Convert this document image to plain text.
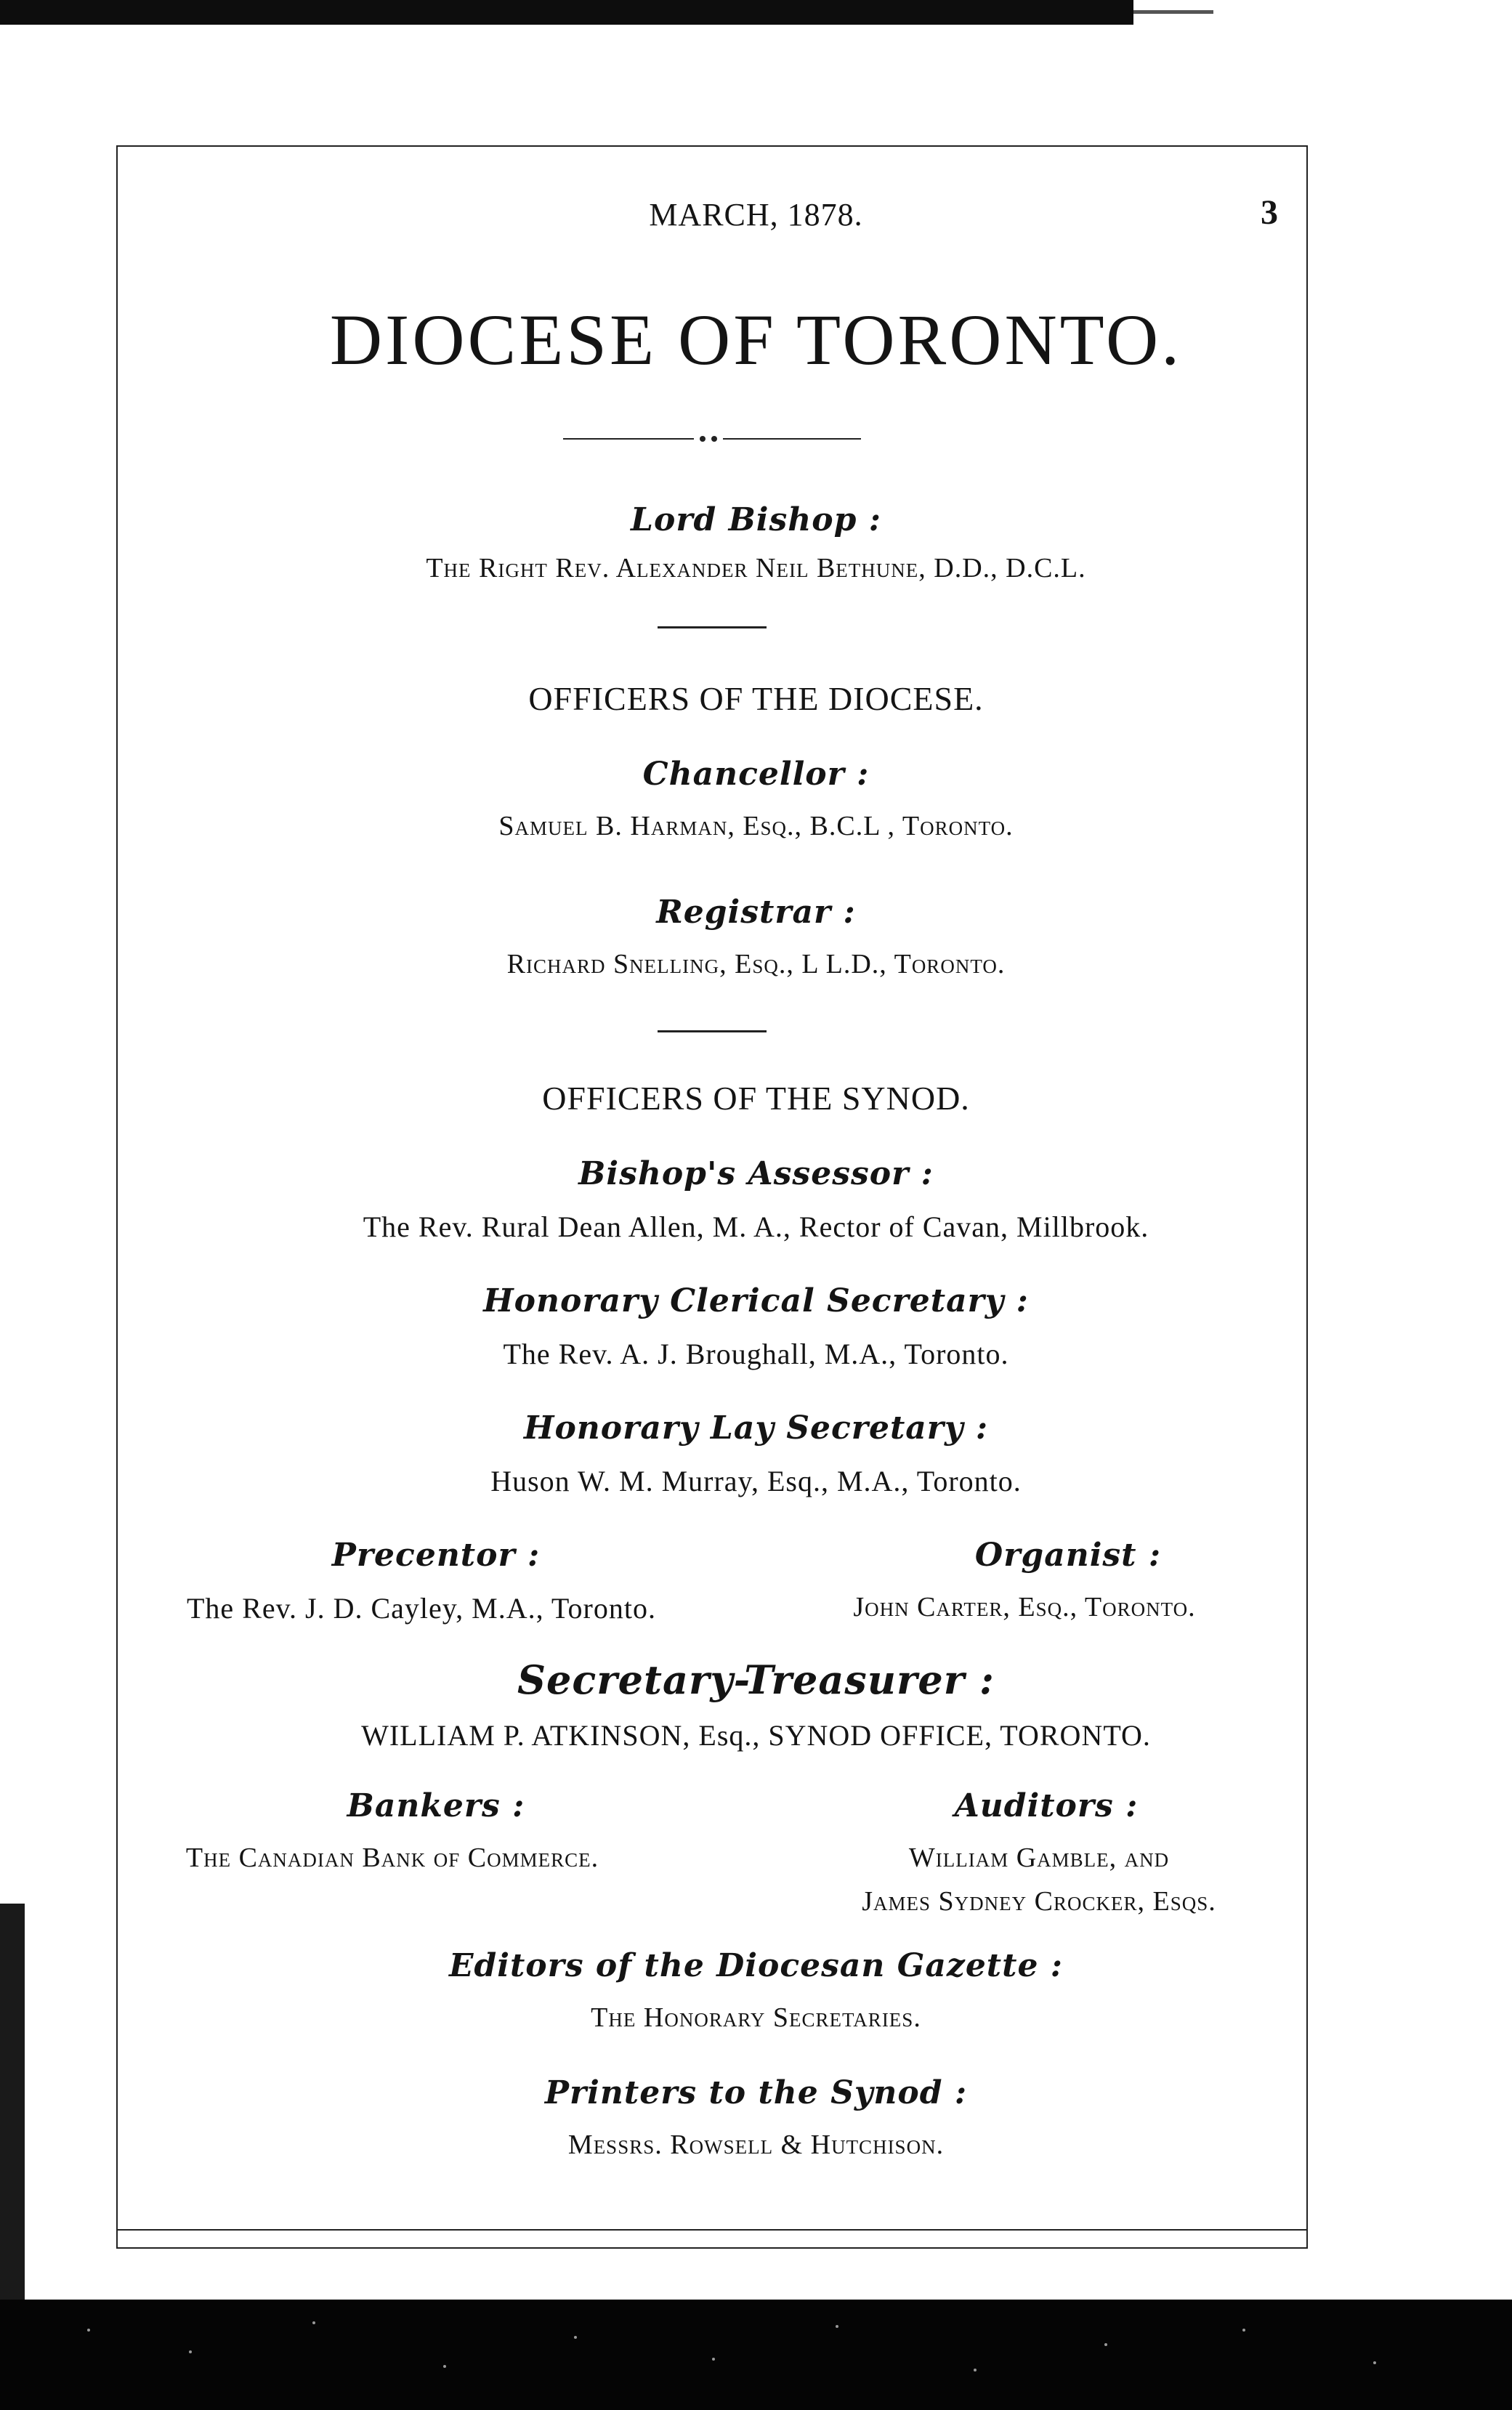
MARCH, 1878.	3
DIOCESE OF TORONTO.
Lord Bishop :
The Right Rev. Alexander Neil Bethune, D.D., D.C.L.
OFFICERS OF THE DIOCESE.
Chancellor :
Samuel B. Harman, Esq., B.C.L , Toronto.
Registrar :
Richard Snelling, Esq., L L.D., Toronto.
OFFICERS OF THE SYNOD.
Bishop's Assessor :
The Rev. Rural Dean Allen, M. A., Rector of Cavan, Millbrook.
Honorary Clerical Secretary :
The Rev. A. J. Broughall, M.A., Toronto.
Honorary Lay Secretary :
Huson W. M. Murray, Esq., M.A., Toronto.
Precentor :
The Rev. J. D. Cayley, M.A., Toronto.
Organist :
John Carter, Esq., Toronto.
Secretary-Treasurer :
WILLIAM P. ATKINSON, Esq., SYNOD OFFICE, TORONTO.
Bankers :
The Canadian Bank of Commerce.
Auditors :
William Gamble, and
James Sydney Crocker, Esqs.
Editors of the Diocesan Gazette :
The Honorary Secretaries.
Printers to the Synod :
Messrs. Rowsell & Hutchison.
